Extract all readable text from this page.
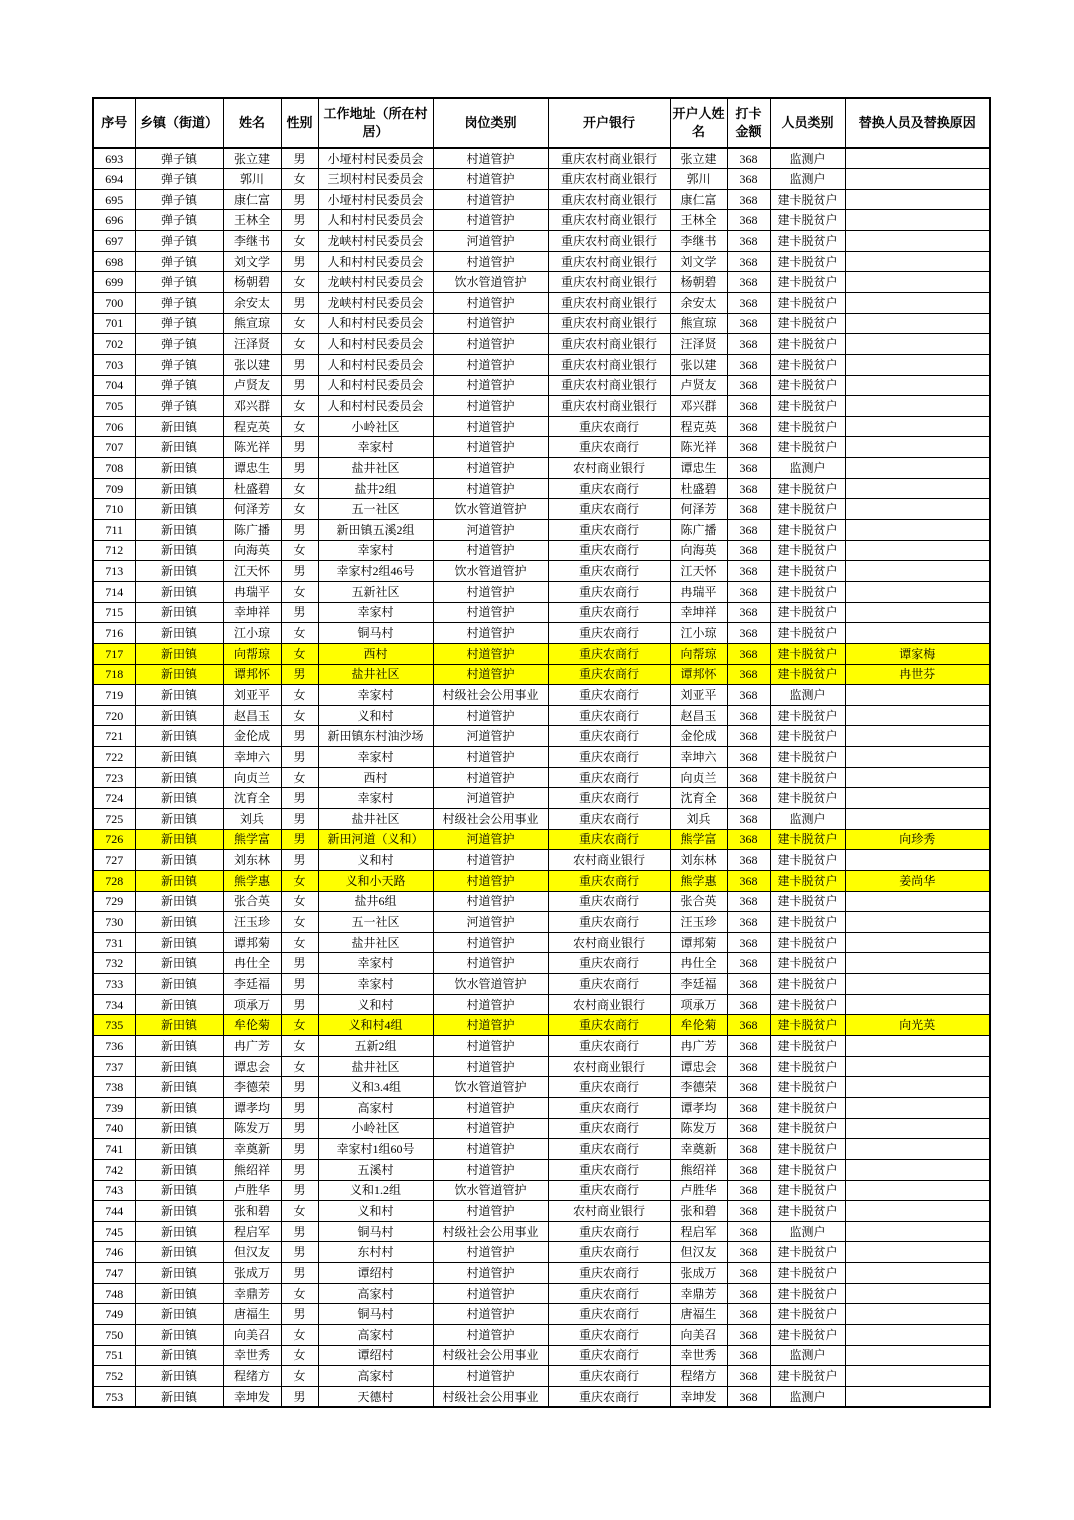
序号	乡镇（街道）	姓名	性别	工作地址（所在村居）	岗位类别	开户银行	开户人姓名	打卡金额	人员类别	替换人员及替换原因
693	弹子镇	张立建	男	小垭村村民委员会	村道管护	重庆农村商业银行	张立建	368	监测户	
694	弹子镇	郭川	女	三坝村村民委员会	村道管护	重庆农村商业银行	郭川	368	监测户	
695	弹子镇	康仁富	男	小垭村村民委员会	村道管护	重庆农村商业银行	康仁富	368	建卡脱贫户	
696	弹子镇	王林全	男	人和村村民委员会	村道管护	重庆农村商业银行	王林全	368	建卡脱贫户	
697	弹子镇	李继书	女	龙峡村村民委员会	河道管护	重庆农村商业银行	李继书	368	建卡脱贫户	
698	弹子镇	刘文学	男	人和村村民委员会	村道管护	重庆农村商业银行	刘文学	368	建卡脱贫户	
699	弹子镇	杨朝碧	女	龙峡村村民委员会	饮水管道管护	重庆农村商业银行	杨朝碧	368	建卡脱贫户	
700	弹子镇	余安太	男	龙峡村村民委员会	村道管护	重庆农村商业银行	余安太	368	建卡脱贫户	
701	弹子镇	熊宣琼	女	人和村村民委员会	村道管护	重庆农村商业银行	熊宣琼	368	建卡脱贫户	
702	弹子镇	汪泽贤	女	人和村村民委员会	村道管护	重庆农村商业银行	汪泽贤	368	建卡脱贫户	
703	弹子镇	张以建	男	人和村村民委员会	村道管护	重庆农村商业银行	张以建	368	建卡脱贫户	
704	弹子镇	卢贤友	男	人和村村民委员会	村道管护	重庆农村商业银行	卢贤友	368	建卡脱贫户	
705	弹子镇	邓兴群	女	人和村村民委员会	村道管护	重庆农村商业银行	邓兴群	368	建卡脱贫户	
706	新田镇	程克英	女	小岭社区	村道管护	重庆农商行	程克英	368	建卡脱贫户	
707	新田镇	陈光祥	男	幸家村	村道管护	重庆农商行	陈光祥	368	建卡脱贫户	
708	新田镇	谭忠生	男	盐井社区	村道管护	农村商业银行	谭忠生	368	监测户	
709	新田镇	杜盛碧	女	盐井2组	村道管护	重庆农商行	杜盛碧	368	建卡脱贫户	
710	新田镇	何泽芳	女	五一社区	饮水管道管护	重庆农商行	何泽芳	368	建卡脱贫户	
711	新田镇	陈广播	男	新田镇五溪2组	河道管护	重庆农商行	陈广播	368	建卡脱贫户	
712	新田镇	向海英	女	幸家村	村道管护	重庆农商行	向海英	368	建卡脱贫户	
713	新田镇	江天怀	男	幸家村2组46号	饮水管道管护	重庆农商行	江天怀	368	建卡脱贫户	
714	新田镇	冉瑞平	女	五新社区	村道管护	重庆农商行	冉瑞平	368	建卡脱贫户	
715	新田镇	幸坤祥	男	幸家村	村道管护	重庆农商行	幸坤祥	368	建卡脱贫户	
716	新田镇	江小琼	女	铜马村	村道管护	重庆农商行	江小琼	368	建卡脱贫户	
717	新田镇	向帮琼	女	西村	村道管护	重庆农商行	向帮琼	368	建卡脱贫户	谭家梅
718	新田镇	谭邦怀	男	盐井社区	村道管护	重庆农商行	谭邦怀	368	建卡脱贫户	冉世芬
719	新田镇	刘亚平	女	幸家村	村级社会公用事业	重庆农商行	刘亚平	368	监测户	
720	新田镇	赵昌玉	女	义和村	村道管护	重庆农商行	赵昌玉	368	建卡脱贫户	
721	新田镇	金伦成	男	新田镇东村油沙场	河道管护	重庆农商行	金伦成	368	建卡脱贫户	
722	新田镇	幸坤六	男	幸家村	村道管护	重庆农商行	幸坤六	368	建卡脱贫户	
723	新田镇	向贞兰	女	西村	村道管护	重庆农商行	向贞兰	368	建卡脱贫户	
724	新田镇	沈育全	男	幸家村	河道管护	重庆农商行	沈育全	368	建卡脱贫户	
725	新田镇	刘兵	男	盐井社区	村级社会公用事业	重庆农商行	刘兵	368	监测户	
726	新田镇	熊学富	男	新田河道（义和）	河道管护	重庆农商行	熊学富	368	建卡脱贫户	向珍秀
727	新田镇	刘东林	男	义和村	村道管护	农村商业银行	刘东林	368	建卡脱贫户	
728	新田镇	熊学惠	女	义和小天路	村道管护	重庆农商行	熊学惠	368	建卡脱贫户	姜尚华
729	新田镇	张合英	女	盐井6组	村道管护	重庆农商行	张合英	368	建卡脱贫户	
730	新田镇	汪玉珍	女	五一社区	河道管护	重庆农商行	汪玉珍	368	建卡脱贫户	
731	新田镇	谭邦菊	女	盐井社区	村道管护	农村商业银行	谭邦菊	368	建卡脱贫户	
732	新田镇	冉仕全	男	幸家村	村道管护	重庆农商行	冉仕全	368	建卡脱贫户	
733	新田镇	李廷福	男	幸家村	饮水管道管护	重庆农商行	李廷福	368	建卡脱贫户	
734	新田镇	项承万	男	义和村	村道管护	农村商业银行	项承万	368	建卡脱贫户	
735	新田镇	牟伦菊	女	义和村4组	村道管护	重庆农商行	牟伦菊	368	建卡脱贫户	向光英
736	新田镇	冉广芳	女	五新2组	村道管护	重庆农商行	冉广芳	368	建卡脱贫户	
737	新田镇	谭忠会	女	盐井社区	村道管护	农村商业银行	谭忠会	368	建卡脱贫户	
738	新田镇	李德荣	男	义和3.4组	饮水管道管护	重庆农商行	李德荣	368	建卡脱贫户	
739	新田镇	谭孝均	男	高家村	村道管护	重庆农商行	谭孝均	368	建卡脱贫户	
740	新田镇	陈发万	男	小岭社区	村道管护	重庆农商行	陈发万	368	建卡脱贫户	
741	新田镇	幸奠新	男	幸家村1组60号	村道管护	重庆农商行	幸奠新	368	建卡脱贫户	
742	新田镇	熊绍祥	男	五溪村	村道管护	重庆农商行	熊绍祥	368	建卡脱贫户	
743	新田镇	卢胜华	男	义和1.2组	饮水管道管护	重庆农商行	卢胜华	368	建卡脱贫户	
744	新田镇	张和碧	女	义和村	村道管护	农村商业银行	张和碧	368	建卡脱贫户	
745	新田镇	程启军	男	铜马村	村级社会公用事业	重庆农商行	程启军	368	监测户	
746	新田镇	但汉友	男	东村村	村道管护	重庆农商行	但汉友	368	建卡脱贫户	
747	新田镇	张成万	男	谭绍村	村道管护	重庆农商行	张成万	368	建卡脱贫户	
748	新田镇	幸鼎芳	女	高家村	村道管护	重庆农商行	幸鼎芳	368	建卡脱贫户	
749	新田镇	唐福生	男	铜马村	村道管护	重庆农商行	唐福生	368	建卡脱贫户	
750	新田镇	向美召	女	高家村	村道管护	重庆农商行	向美召	368	建卡脱贫户	
751	新田镇	幸世秀	女	谭绍村	村级社会公用事业	重庆农商行	幸世秀	368	监测户	
752	新田镇	程绪方	女	高家村	村道管护	重庆农商行	程绪方	368	建卡脱贫户	
753	新田镇	幸坤发	男	天德村	村级社会公用事业	重庆农商行	幸坤发	368	监测户	
